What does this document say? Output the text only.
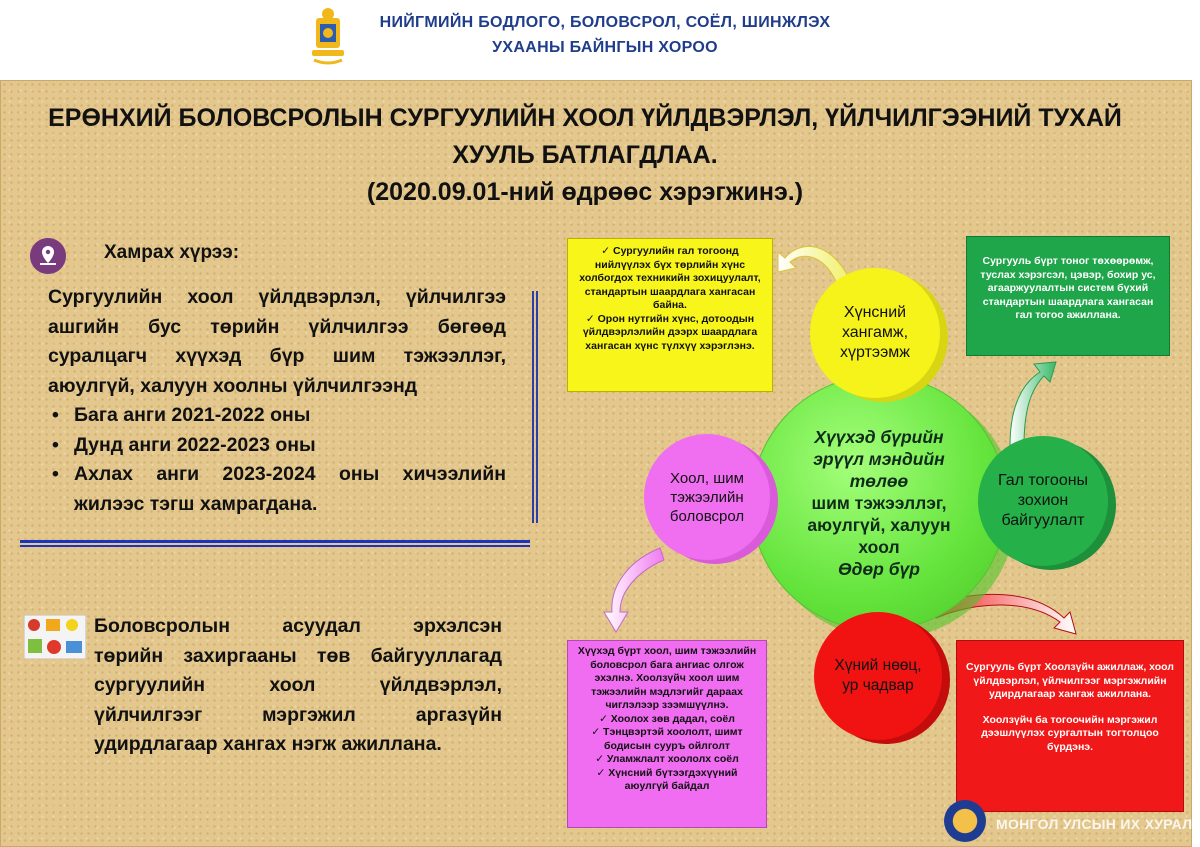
НИЙГМИЙН БОДЛОГО, БОЛОВСРОЛ, СОЁЛ, ШИНЖЛЭХ
УХААНЫ БАЙНГЫН ХОРОО
ЕРӨНХИЙ БОЛОВСРОЛЫН СУРГУУЛИЙН ХООЛ ҮЙЛДВЭРЛЭЛ, ҮЙЛЧИЛГЭЭНИЙ ТУХАЙ
ХУУЛЬ БАТЛАГДЛАА.
(2020.09.01-ний өдрөөс хэрэгжинэ.)
Хамрах хүрээ:
Сургуулийн хоол үйлдвэрлэл, үйлчилгээ ашгийн бус төрийн үйлчилгээ бөгөөд суралцагч хүүхэд бүр шим тэжээллэг, аюулгүй, халуун хоолны үйлчилгээнд
• Бага анги 2021-2022 оны
• Дунд анги 2022-2023 оны
• Ахлах анги 2023-2024 оны хичээлийн жилээс тэгш хамрагдана.
Боловсролын асуудал эрхэлсэн
төрийн захиргааны төв байгууллагад
сургуулийн хоол үйлдвэрлэл,
үйлчилгээг мэргэжил аргазүйн
удирдлагаар хангах нэгж ажиллана.
Хүүхэд бүрийн
эрүүл мэндийн
төлөө
шим тэжээллэг,
аюулгүй, халуун
хоол
Өдөр бүр
Хүнсний хангамж, хүртээмж
Хоол, шим тэжээлийн боловсрол
Гал тогооны зохион байгуулалт
Хүний нөөц, ур чадвар

✓ Сургуулийн гал тогоонд нийлүүлэх бүх төрлийн хүнс холбогдох техникийн зохицуулалт, стандартын шаардлага хангасан байна.

✓ Орон нутгийн хүнс, дотоодын үйлдвэрлэлийн дээрх шаардлага хангасан хүнс түлхүү хэрэглэнэ.

Сургууль бүрт тоног төхөөрөмж, туслах хэрэгсэл, цэвэр, бохир ус, агааржуулалтын систем бүхий стандартын шаардлага хангасан гал тогоо ажиллана.

Хүүхэд бүрт хоол, шим тэжээлийн боловсрол бага ангиас олгож эхэлнэ. Хоолзүйч хоол шим тэжээлийн мэдлэгийг дараах чиглэлээр зээмшүүлнэ.

✓ Хоолох зөв дадал, соёл

✓ Тэнцвэртэй хоололт, шимт бодисын сууръ ойлголт

✓ Уламжлалт хоололх соёл

✓ Хүнсний бүтээгдэхүүний аюулгүй байдал

Сургууль бүрт Хоолзүйч ажиллаж, хоол үйлдвэрлэл, үйлчилгээг мэргэжлийн удирдлагаар хангаж ажиллана.

Хоолзүйч ба тогоочийн мэргэжил дээшлүүлэх сургалтын тогтолцоо бүрдэнэ.

МОНГОЛ УЛСЫН ИХ ХУРАЛ
